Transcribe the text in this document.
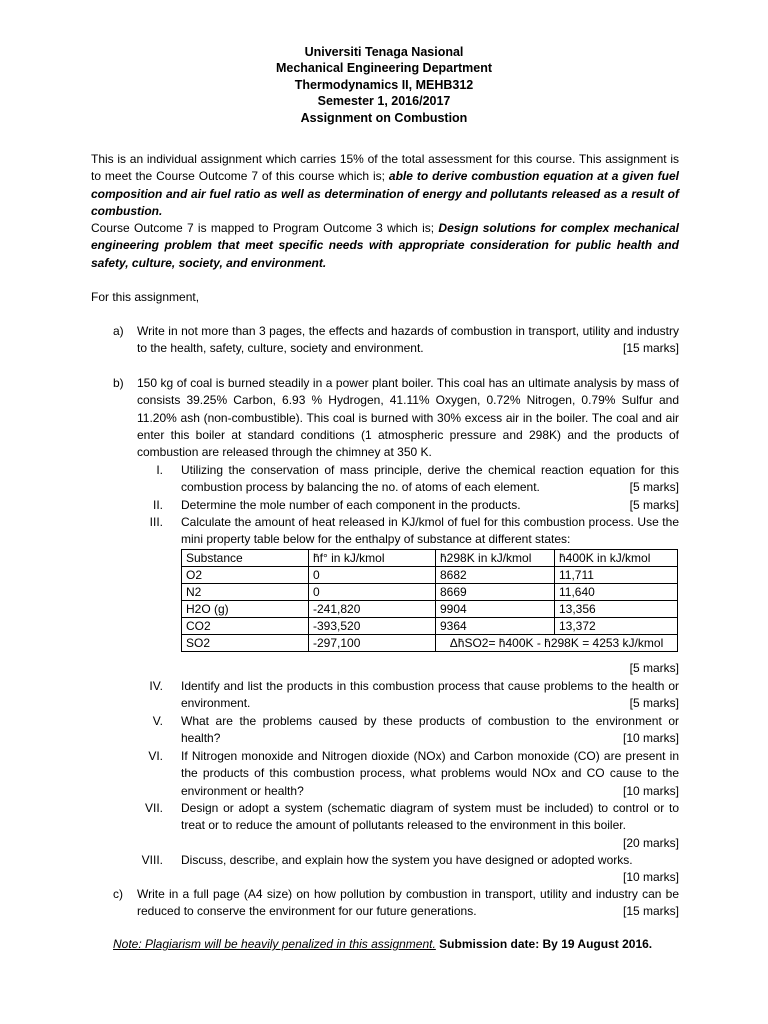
Universiti Tenaga Nasional
Mechanical Engineering Department
Thermodynamics II, MEHB312
Semester 1, 2016/2017
Assignment on Combustion

This is an individual assignment which carries 15% of the total assessment for this course. This assignment is to meet the Course Outcome 7 of this course which is; able to derive combustion equation at a given fuel composition and air fuel ratio as well as determination of energy and pollutants released as a result of combustion.

Course Outcome 7 is mapped to Program Outcome 3 which is; Design solutions for complex mechanical engineering problem that meet specific needs with appropriate consideration for public health and safety, culture, society, and environment.

For this assignment,
a) Write in not more than 3 pages, the effects and hazards of combustion in transport, utility and industry to the health, safety, culture, society and environment.	[15 marks]
b) 150 kg of coal is burned steadily in a power plant boiler. This coal has an ultimate analysis by mass of consists 39.25% Carbon, 6.93 % Hydrogen, 41.11% Oxygen, 0.72% Nitrogen, 0.79% Sulfur and 11.20% ash (non-combustible). This coal is burned with 30% excess air in the boiler. The coal and air enter this boiler at standard conditions (1 atmospheric pressure and 298K) and the products of combustion are released through the chimney at 350 K.
I. Utilizing the conservation of mass principle, derive the chemical reaction equation for this combustion process by balancing the no. of atoms of each element.	[5 marks]
II. Determine the mole number of each component in the products.	[5 marks]
III. Calculate the amount of heat released in KJ/kmol of fuel for this combustion process. Use the mini property table below for the enthalpy of substance at different states:
Substance	h̄f° in kJ/kmol	h̄298K in kJ/kmol	h̄400K in kJ/kmol
O2	0	8682	11,711
N2	0	8669	11,640
H2O (g)	-241,820	9904	13,356
CO2	-393,520	9364	13,372
SO2	-297,100	Δh̄SO2= h̄400K - h̄298K = 4253 kJ/kmol	
[5 marks]
IV. Identify and list the products in this combustion process that cause problems to the health or environment.	[5 marks]
V. What are the problems caused by these products of combustion to the environment or health?	[10 marks]
VI. If Nitrogen monoxide and Nitrogen dioxide (NOx) and Carbon monoxide (CO) are present in the products of this combustion process, what problems would NOx and CO cause to the environment or health?	[10 marks]
VII. Design or adopt a system (schematic diagram of system must be included) to control or to treat or to reduce the amount of pollutants released to the environment in this boiler.
[20 marks]
VIII. Discuss, describe, and explain how the system you have designed or adopted works.
[10 marks]
c) Write in a full page (A4 size) on how pollution by combustion in transport, utility and industry can be reduced to conserve the environment for our future generations.	[15 marks]
Note: Plagiarism will be heavily penalized in this assignment. Submission date: By 19 August 2016.
